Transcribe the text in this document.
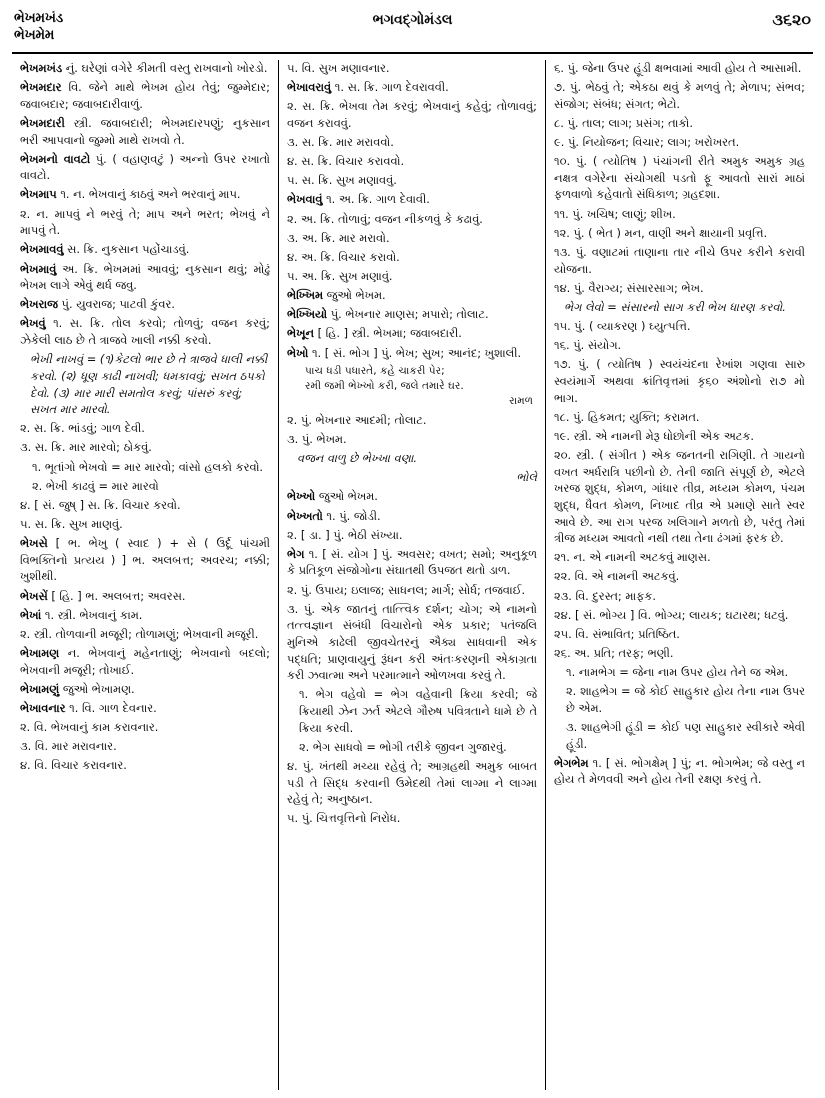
ભેખમખંડ
ભેખમેમ
ભગવદ્ગોમંડલ	૩૬૨૦

ભેખમખંડ નું. ઘરેણાં વગેરે કીમતી વસ્તુ રાખવાનો ખોરડો.

ભેખમદાર વિ. જેને માથે ભેખમ હોય તેવું; જુમ્મેદાર; જવાબદાર; જવાબદારીવાળું.

ભેખમદારી સ્ત્રી. જવાબદારી; ભેખમદારપણું; નુકસાન ભરી આપવાનો જુમ્મો માથે રાખવો તે.

ભેખમનો વાવટો પું. ( વહાણવટું ) અન્નો ઉપર રખાતો વાવટો.

ભેખમાપ ૧. ન. ભેખવાનું કાઠવું અને ભરવાનું માપ.

૨. ન. માપવું ને ભરવું તે; માપ અને ભરત; ભેખવું ને માપવું તે.

ભેખમાવવું સ. ક્રિ. નુકસાન પહોંચાડવું.

ભેખમાવું અ. ક્રિ. ભેખમમાં આવવું; નુકસાન થવું; મોઢું ભેખમ લાગે એવું થર્ધ જવુ.

ભેખરાજ પું. યુવરાજ; પાટવી કુંવર.

ભેખવું ૧. સ. ક્રિ. તોલ કરવો; તોળવું; વજન કરવું; ઝેકેલી લાઠ છે તે ત્રાજવે ખાલી નક્કી કરવો.

ભેખી નાખવું = (૧)કેટલો ભાર છે તે ત્રાજવે ધાલી નક્કી કરવો. (૨) ધૂણ કાઢી નાખવી; ધમકાવવું; સખત ઠપકો દેવો. (૩) માર મારી સમતોલ કરવું; પાંસરું કરવું; સખત માર મારવો.

૨. સ. ક્રિ. ભાંડવું; ગાળ દેવી.

૩. સ. ક્રિ. માર મારવો; ઠોકવું.

૧. ભૂતાંગો ભેખવો = માર મારવો; વાંસો હલકો કરવો.

૨. ભેખી કાઢવું = માર મારવો

૪. [ સં. જુષ્ ] સ. ક્રિ. વિચાર કરવો.

૫. સ. ક્રિ. સુખ માણવું.

ભેખસે [ ભ. ભેખુ ( સ્વાદ ) + સે ( ઉર્દૂ પાંચમી વિભક્તિનો પ્રત્યય ) ] ભ. અલબત્ત; અવરચ; નક્કી; ખુશીથી.

ભેખસેં [ હિ. ] ભ. અલબત્ત; અવરસ.

ભેખાં ૧. સ્ત્રી. ભેખવાનું કામ.

૨. સ્ત્રી. તોળવાની મજૂરી; તોળામણું; ભેખવાની મજૂરી.

ભેખામણ ન. ભેખવાનું મહેનતાણું; ભેખવાનો બદલો; ભેખવાની મજૂરી; તોખાઈ.

ભેખામણું જુઓ ભેખામણ.

ભેખાવનાર ૧. વિ. ગાળ દેવનાર.

૨. વિ. ભેખવાનું કામ કરાવનાર.

૩. વિ. માર મરાવનાર.

૪. વિ. વિચાર કરાવનાર.

૫. વિ. સુખ મણાવનાર.

ભેખાવરાવું ૧. સ. ક્રિ. ગાળ દેવરાવવી.

૨. સ. ક્રિ. ભેખવા તેમ કરવું; ભેખવાનું કહેવું; તોળાવવું; વજન કરાવવું.

૩. સ. ક્રિ. માર મરાવવો.

૪. સ. ક્રિ. વિચાર કરાવવો.

૫. સ. ક્રિ. સુખ મણાવવું.

ભેખવાવું ૧. અ. ક્રિ. ગાળ દેવાવી.

૨. અ. ક્રિ. તોળાવું; વજન નીકળવું કે કઢાવું.

૩. અ. ક્રિ. માર મરાવો.

૪. અ. ક્રિ. વિચાર કરાવો.

૫. અ. ક્રિ. સુખ મણાવું.

ભેખ્ખિમ જુઓ ભેખમ.

ભેખ્ખિયો પું. ભેખનાર માણસ; મપારો; તોલાટ.

ભેખૂન [ હિ. ] સ્ત્રી. ભેખમા; જવાબદારી.

ભેખો ૧. [ સં. ભોગ ] પું. ભેખ; સુખ; આનંદ; ખુશાલી.

પાચ ધડી પધારતે, કહે ચાકરી પેર;
રમી જમી ભેખ્ખો કરી, જલે તમારે ઘર.
રામળ

૨. પું. ભેખનાર આદમી; તોલાટ.

૩. પું. ભેખમ.

વજન વાળુ છે ભેખ્ખા વણા.

ભોલે

ભેખ્ખો જુઓ ભેખમ.

ભેખ્ખતો ૧. પું. જોડી.

૨. [ ડા. ] પું. ભેઠી સંખ્યા.

ભેગ ૧. [ સં. યોગ ] પું. અવસર; વખત; સમો; અનુકૂળ કે પ્રતિકૂળ સંજોગોના સંઘાતથી ઉપજત થતો ડાળ.

૨. પું. ઉપાય; ઇલાજ; સાધનલ; માર્ગ; સોર્ધ; તજવાઈ.

૩. પું. એક જાતનું તાત્ત્વિક દર્શન; ચોગ; એ નામનો તત્ત્વજ્ઞાન સંબંધી વિચારોનો એક પ્રકાર; પતંજલિ મુનિએ કાઢેલી જીવચેતરનું ઐક્ય સાધવાની એક પદ્ધતિ; પ્રાણવાયુનું રૂંધન કરી અંતઃકરણની એકાગ્રતા કરી ઝવાત્મા અને પરમાત્માને ઓળખવા કરવું તે.

૧. ભેગ વહેવો = ભેગ વહેવાની ક્રિયા કરવી; જે ક્રિયાથી ઝેન ઝર્ત એટલે ગૌરુષ પવિત્રતાને ધામે છે તે ક્રિયા કરવી.

૨. ભેગ સાધવો = ભોગી તરીકે જીવન ગુજારવું.

૪. પું. ખંતથી મચ્યા રહેવું તે; આગ્રહથી અમુક બાબત પડી તે સિદ્ધ કરવાની ઉમેદથી તેમાં લાગ્મા ને લાગ્મા રહેવું તે; અનુષ્ઠાન.

૫. પું. ચિત્તવૃત્તિનો નિરોધ.

૬. પું. જેના ઉપર હૂંડી ક્ષભવામાં આવી હોય તે આસામી.

૭. પું. ભેઠવું તે; એકઠા થવું કે મળવું તે; મેળાપ; સંભવ; સંજોગ; સંબંધ; સંગત; ભેટો.

૮. પું. તાલ; લાગ; પ્રસંગ; તાકો.

૯. પું. નિયોજન; વિચાર; લાગ; ખરોખરત.

૧૦. પું. ( ત્યોતિષ ) પંચાંગની રીતે અમુક અમુક ગ્રહ નક્ષત્ર વગેરેના સંચોગથી પડતો ફૂ આવતો સારાં માઠાં ફળવાળો કહેવાતો સંધિકાળ; ગ્રહદશા.

૧૧. પું. ખચિષ; લાણું; શીખ.

૧૨. પું. ( ભેત ) મન, વાણી અને ક્ષાયાની પ્રવૃત્તિ.

૧૩. પું. વણાટમાં તાણાના તાર નીચે ઉપર કરીને કરાવી યોજના.

૧૪. પું. વૈરાગ્ય; સંસારસાગ; ભેખ.

ભેગ લેવો = સંસારનો સાગ કરી ભેખ ધારણ કરવો.

૧૫. પું. ( વ્યાકરણ ) ઘ્યુત્પત્તિ.

૧૬. પું. સંયોગ.

૧૭. પું. ( ત્યોતિષ ) સ્વયંચંદના રેખાંશ ગણવા સારુ સ્વયંમાર્ગે અથવા ક્રાંતિવૃત્તમાં કૃ૬૦ અંશોનો રા૭ મો ભાગ.

૧૮. પું. હિકમત; યુક્તિ; કરામત.

૧૯. સ્ત્રી. એ નામની મેરૂ ધોછોની એક અટક.

૨૦. સ્ત્રી. ( સંગીત ) એક જનતની રાગિણી. તે ગાયનો વખત અર્ધરાત્રિ પછીનો છે. તેની જાતિ સંપૂર્ણ છે, એટલે ખરજ શુદ્ધ, કોમળ, ગાંધાર તીવ્ર, મધ્યમ કોમળ, પંચમ શુદ્ધ, ધૈવત કોમળ, નિખાદ તીવ્ર એ પ્રમાણે સાતે સ્વર આવે છે. આ રાગ પરજ ખલિગાને મળતો છે, પરંતુ તેમાં ત્રીજ મધ્યમ આવતો નથી તથા તેના ઢંગમાં ફરક છે.

૨૧. ન. એ નામની અટકવું માણસ.

૨૨. વિ. એ નામની અટકવું.

૨૩. વિ. દુરસ્ત; માફક.

૨૪. [ સં. ભોગ્ય ] વિ. ભોગ્ય; લાયક; ઘટારથ; ધટવું.

૨૫. વિ. સંભાવિત; પ્રતિષ્ઠિત.

૨૬. અ. પ્રતિ; તરફ; ભણી.

૧. નામભેગ = જેના નામ ઉપર હોય તેને જ એમ.

૨. શાહભેગ = જે કોઈ સાહુકાર હોય તેના નામ ઉપર છે એમ.

૩. શાહભેગી હૂંડી = કોઈ પણ સાહુકાર સ્વીકારે એવી હૂંડી.

ભેગભેમ ૧. [ સં. ભોગક્ષેમ્ ] પું; ન. ભોગભેમ; જે વસ્તુ ન હોય તે મેળવવી અને હોય તેની રક્ષણ કરવું તે.
